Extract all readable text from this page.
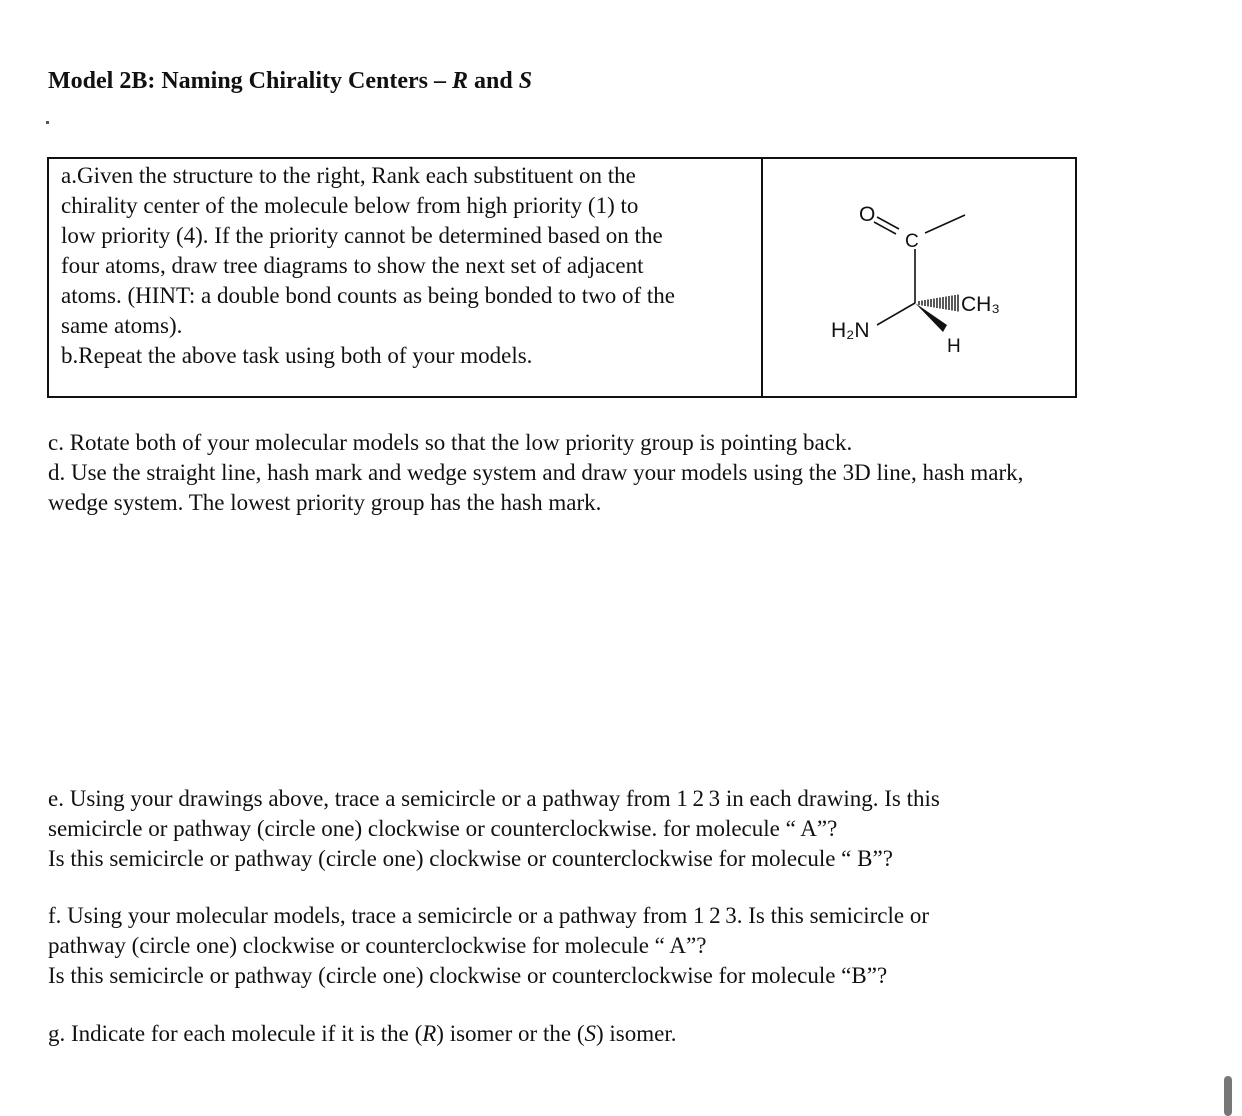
Model 2B: Naming Chirality Centers – R and S

a.Given the structure to the right, Rank each substituent on the

chirality center of the molecule below from high priority (1) to

low priority (4). If the priority cannot be determined based on the

four atoms, draw tree diagrams to show the next set of adjacent

atoms. (HINT: a double bond counts as being bonded to two of the

same atoms).

b.Repeat the above task using both of your models.

O
C
CH₃
H₂N
H

c. Rotate both of your molecular models so that the low priority group is pointing back.

d. Use the straight line, hash mark and wedge system and draw your models using the 3D line, hash mark,

wedge system. The lowest priority group has the hash mark.

e. Using your drawings above, trace a semicircle or a pathway from 1 2 3 in each drawing. Is this

semicircle or pathway (circle one) clockwise or counterclockwise. for molecule “ A”?

Is this semicircle or pathway (circle one) clockwise or counterclockwise for molecule “ B”?

f. Using your molecular models, trace a semicircle or a pathway from 1 2 3. Is this semicircle or

pathway (circle one) clockwise or counterclockwise for molecule “ A”?

Is this semicircle or pathway (circle one) clockwise or counterclockwise for molecule “B”?

g. Indicate for each molecule if it is the (R) isomer or the (S) isomer.
